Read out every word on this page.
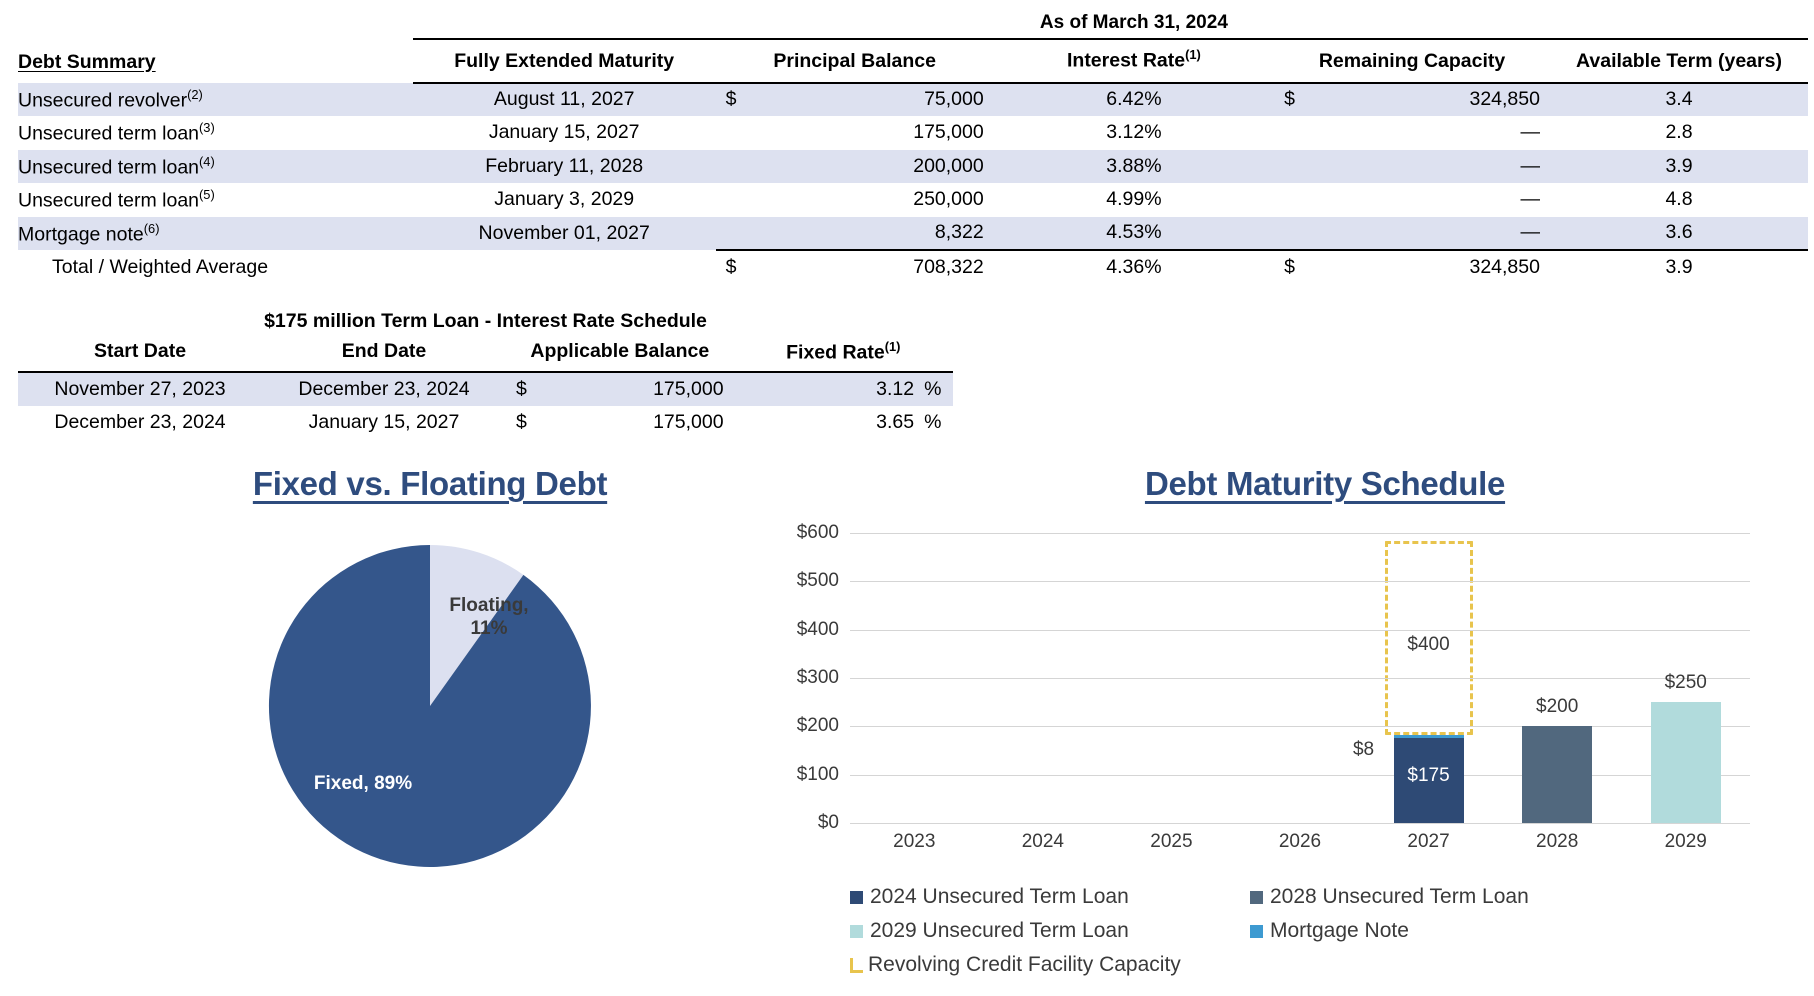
				As of March 31, 2024			
Debt Summary	Fully Extended Maturity	Principal Balance		Interest Rate$^{(1)}$	Remaining Capacity		Available Term (years)
Unsecured revolver$^{(2)}$	August 11, 2027	$	75,000	6.42%	$	324,850	3.4
Unsecured term loan$^{(3)}$	January 15, 2027		175,000	3.12%		—	2.8
Unsecured term loan$^{(4)}$	February 11, 2028		200,000	3.88%		—	3.9
Unsecured term loan$^{(5)}$	January 3, 2029		250,000	4.99%		—	4.8
Mortgage note$^{(6)}$	November 01, 2027		8,322	4.53%		—	3.6
Total / Weighted Average		$	708,322	4.36%	$	324,850	3.9
$175 million Term Loan - Interest Rate Schedule
Start Date	End Date	Applicable Balance		Fixed Rate$^{(1)}$
November 27, 2023	December 23, 2024	$	175,000	3.12	%
December 23, 2024	January 15, 2027	$	175,000	3.65	%
Fixed vs. Floating Debt
Floating,
11%
Fixed, 89%
Debt Maturity Schedule
$400
$0
$100
$200
$300
$400
$500
$600
$8
$175
$200
$250
2023	2024	2025	2026	2027	2028	2029
2024 Unsecured Term Loan	2028 Unsecured Term Loan
2029 Unsecured Term Loan	Mortgage Note
Revolving Credit Facility Capacity
